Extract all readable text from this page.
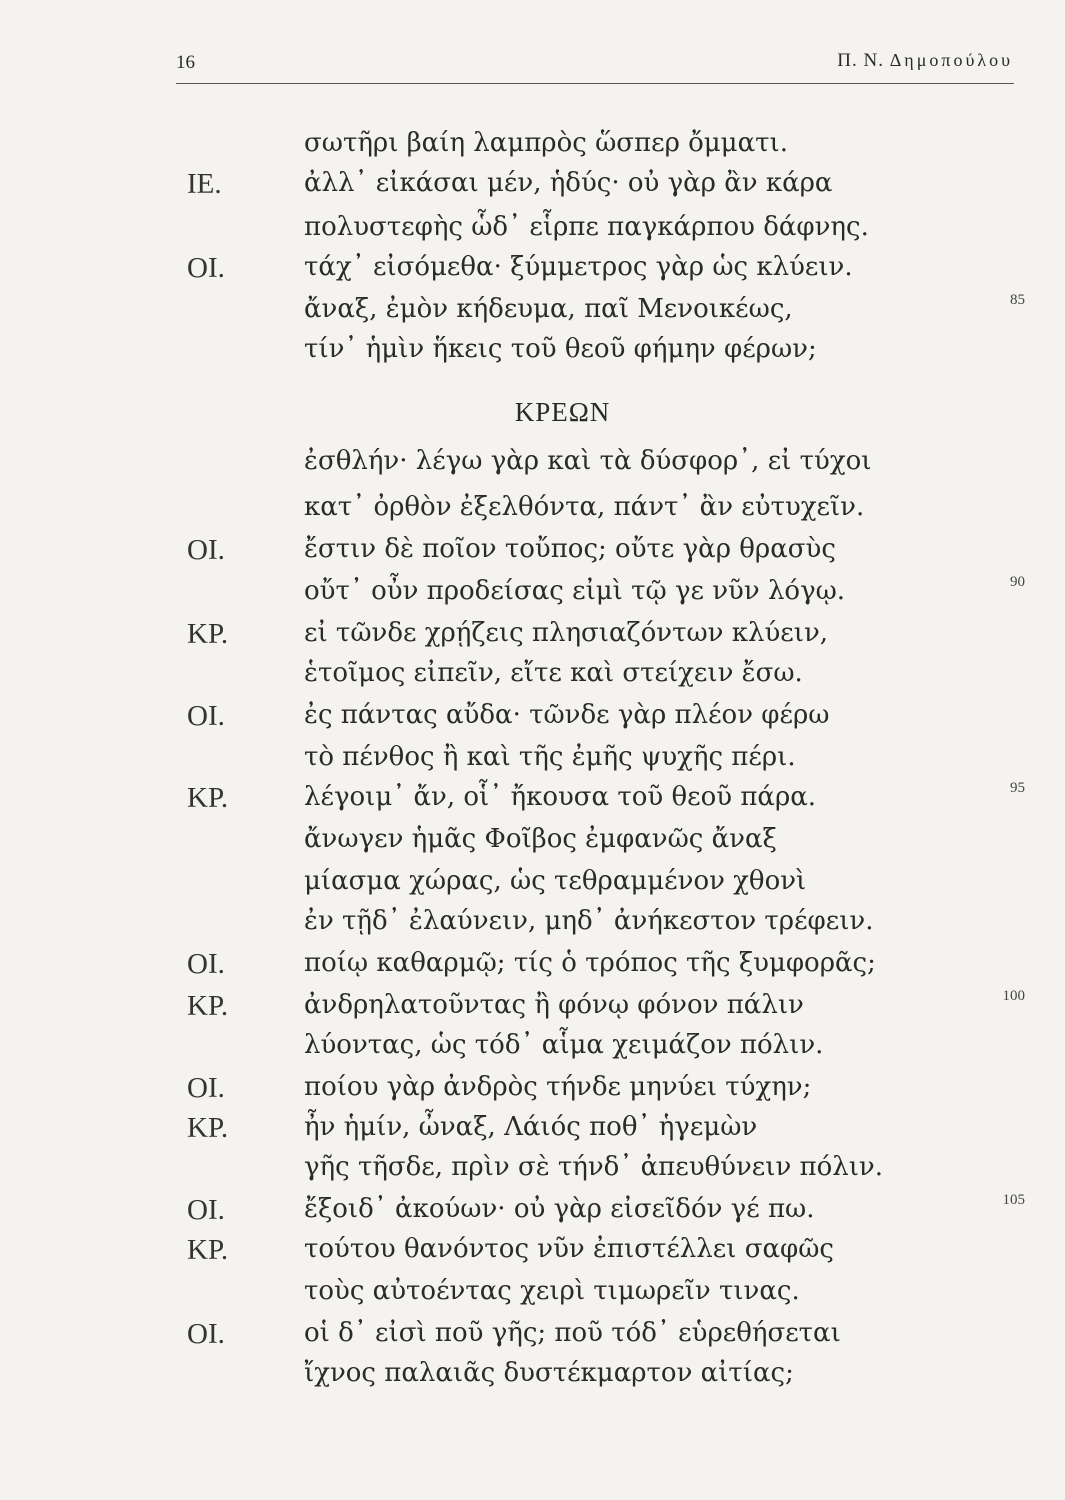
16	Π. Ν. Δημοπούλου
ΚΡΕΩΝ
σωτῆρι βαίη λαμπρὸς ὥσπερ ὄμματι.
ΙΕ.	ἀλλ᾽ εἰκάσαι μέν, ἡδύς· οὐ γὰρ ἂν κάρα
πολυστεφὴς ὧδ᾽ εἷρπε παγκάρπου δάφνης.
ΟΙ.	τάχ᾽ εἰσόμεθα· ξύμμετρος γὰρ ὡς κλύειν.
ἄναξ, ἐμὸν κήδευμα, παῖ Μενοικέως,	85
τίν᾽ ἡμὶν ἥκεις τοῦ θεοῦ φήμην φέρων;
ἐσθλήν· λέγω γὰρ καὶ τὰ δύσφορ᾽, εἰ τύχοι
κατ᾽ ὀρθὸν ἐξελθόντα, πάντ᾽ ἂν εὐτυχεῖν.
ΟΙ.	ἔστιν δὲ ποῖον τοὔπος; οὔτε γὰρ θρασὺς
οὔτ᾽ οὖν προδείσας εἰμὶ τῷ γε νῦν λόγῳ.	90
ΚΡ.	εἰ τῶνδε χρῄζεις πλησιαζόντων κλύειν,
ἑτοῖμος εἰπεῖν, εἴτε καὶ στείχειν ἔσω.
ΟΙ.	ἐς πάντας αὔδα· τῶνδε γὰρ πλέον φέρω
τὸ πένθος ἢ καὶ τῆς ἐμῆς ψυχῆς πέρι.
ΚΡ.	λέγοιμ᾽ ἄν, οἷ᾽ ἤκουσα τοῦ θεοῦ πάρα.	95
ἄνωγεν ἡμᾶς Φοῖβος ἐμφανῶς ἄναξ
μίασμα χώρας, ὡς τεθραμμένον χθονὶ
ἐν τῇδ᾽ ἐλαύνειν, μηδ᾽ ἀνήκεστον τρέφειν.
ΟΙ.	ποίῳ καθαρμῷ; τίς ὁ τρόπος τῆς ξυμφορᾶς;
ΚΡ.	ἀνδρηλατοῦντας ἢ φόνῳ φόνον πάλιν	100
λύοντας, ὡς τόδ᾽ αἷμα χειμάζον πόλιν.
ΟΙ.	ποίου γὰρ ἀνδρὸς τήνδε μηνύει τύχην;
ΚΡ.	ἦν ἡμίν, ὦναξ, Λάιός ποθ᾽ ἡγεμὼν
γῆς τῆσδε, πρὶν σὲ τήνδ᾽ ἀπευθύνειν πόλιν.
ΟΙ.	ἔξοιδ᾽ ἀκούων· οὐ γὰρ εἰσεῖδόν γέ πω.	105
ΚΡ.	τούτου θανόντος νῦν ἐπιστέλλει σαφῶς
τοὺς αὐτοέντας χειρὶ τιμωρεῖν τινας.
ΟΙ.	οἱ δ᾽ εἰσὶ ποῦ γῆς; ποῦ τόδ᾽ εὑρεθήσεται
ἴχνος παλαιᾶς δυστέκμαρτον αἰτίας;
